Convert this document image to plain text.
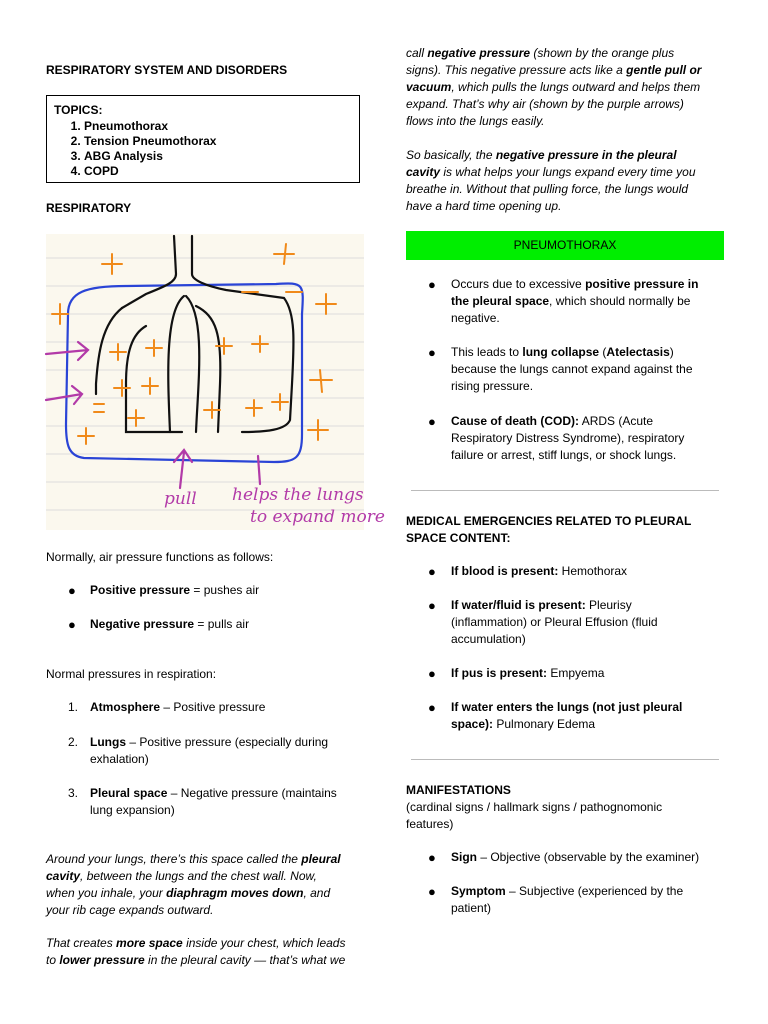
RESPIRATORY SYSTEM AND DISORDERS
TOPICS:
1. Pneumothorax
2. Tension Pneumothorax
3. ABG Analysis
4. COPD
RESPIRATORY
pull helps the lungs
to expand more
Normally, air pressure functions as follows:
● Positive pressure = pushes air
● Negative pressure = pulls air
Normal pressures in respiration:
1. Atmosphere – Positive pressure
2. Lungs – Positive pressure (especially during
exhalation)
3. Pleural space – Negative pressure (maintains
lung expansion)
Around your lungs, there’s this space called the pleural
cavity, between the lungs and the chest wall. Now,
when you inhale, your diaphragm moves down, and
your rib cage expands outward.
That creates more space inside your chest, which leads
to lower pressure in the pleural cavity — that’s what we
call negative pressure (shown by the orange plus
signs). This negative pressure acts like a gentle pull or
vacuum, which pulls the lungs outward and helps them
expand. That’s why air (shown by the purple arrows)
flows into the lungs easily.
So basically, the negative pressure in the pleural
cavity is what helps your lungs expand every time you
breathe in. Without that pulling force, the lungs would
have a hard time opening up.
PNEUMOTHORAX
● Occurs due to excessive positive pressure in
the pleural space, which should normally be
negative.
● This leads to lung collapse (Atelectasis)
because the lungs cannot expand against the
rising pressure.
● Cause of death (COD): ARDS (Acute
Respiratory Distress Syndrome), respiratory
failure or arrest, stiff lungs, or shock lungs.
MEDICAL EMERGENCIES RELATED TO PLEURAL
SPACE CONTENT:
● If blood is present: Hemothorax
● If water/fluid is present: Pleurisy
(inflammation) or Pleural Effusion (fluid
accumulation)
● If pus is present: Empyema
● If water enters the lungs (not just pleural
space): Pulmonary Edema
MANIFESTATIONS
(cardinal signs / hallmark signs / pathognomonic
features)
● Sign – Objective (observable by the examiner)
● Symptom – Subjective (experienced by the
patient)
